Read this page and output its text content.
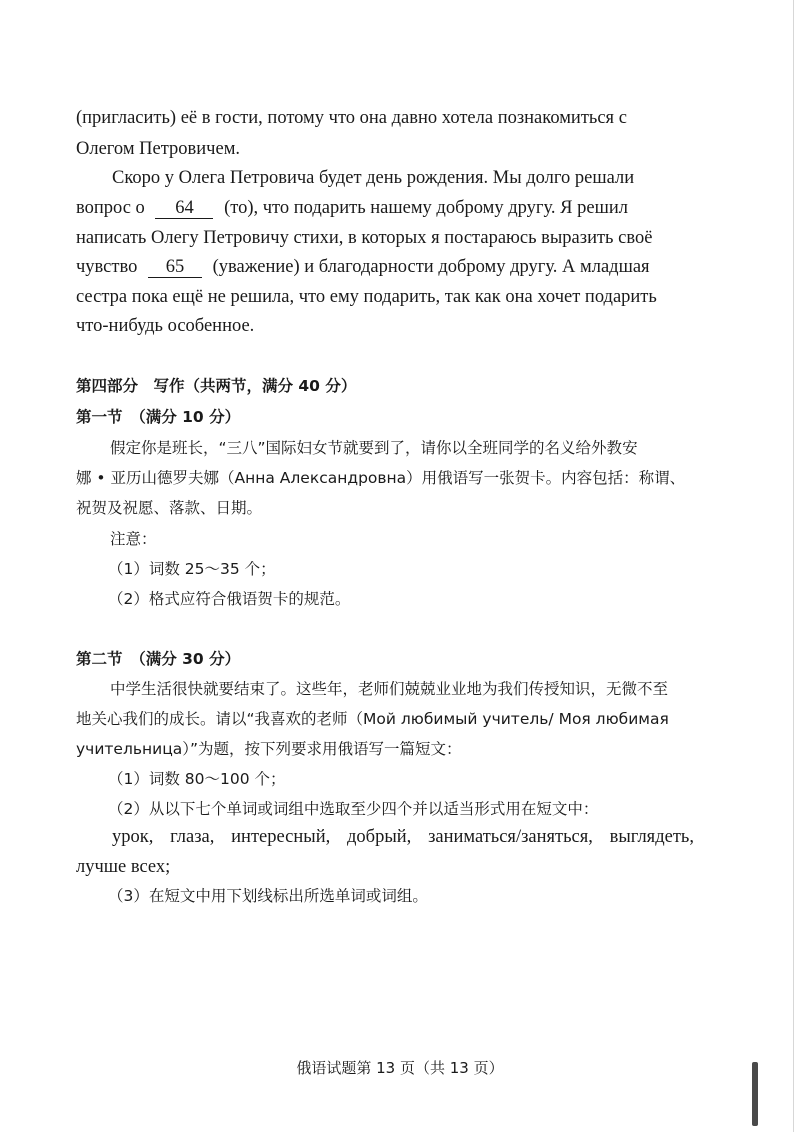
(пригласить) её в гости, потому что она давно хотела познакомиться с
Олегом Петровичем.
Скоро у Олега Петровича будет день рождения. Мы долго решали
вопрос о 64 (то), что подарить нашему доброму другу. Я решил
написать Олегу Петровичу стихи, в которых я постараюсь выразить своё
чувство 65 (уважение) и благодарности доброму другу. А младшая
сестра пока ещё не решила, что ему подарить, так как она хочет подарить
что-нибудь особенное.
第四部分　写作（共两节，满分 40 分）
第一节　（满分 10 分）
假定你是班长，“三八”国际妇女节就要到了，请你以全班同学的名义给外教安
娜 • 亚历山德罗夫娜（Анна Александровна）用俄语写一张贺卡。内容包括：称谓、
祝贺及祝愿、落款、日期。
注意：
（1）词数 25～35 个；
（2）格式应符合俄语贺卡的规范。
第二节　（满分 30 分）
中学生活很快就要结束了。这些年，老师们兢兢业业地为我们传授知识，无微不至
地关心我们的成长。请以“我喜欢的老师（Мой любимый учитель/ Моя любимая
учительница）”为题，按下列要求用俄语写一篇短文：
（1）词数 80～100 个；
（2）从以下七个单词或词组中选取至少四个并以适当形式用在短文中：
урок, глаза, интересный, добрый, заниматься/заняться, выглядеть,
лучше всех;
（3）在短文中用下划线标出所选单词或词组。
俄语试题第 13 页（共 13 页）
